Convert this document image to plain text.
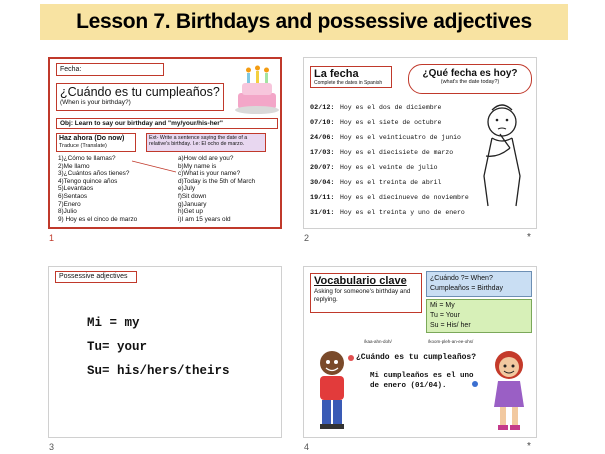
Lesson 7. Birthdays and possessive adjectives
Fecha:
¿Cuándo es tu cumpleaños?
(When is your birthday?)
Obj: Learn to say our birthday and "my/your/his-her"
Haz ahora (Do now)
Traduce (Translate)
Ext- Write a sentence saying the date of a relative's birthday. I.e: El ocho de marzo.
1)¿Cómo te llamas?
2)Me llamo
3)¿Cuántos años tienes?
4)Tengo quince años
5)Levantaos
6)Sentaos
7)Enero
8)Julio
9) Hoy es el cinco de marzo
a)How old are you?
b)My name is
c)What is your name?
d)Today is the 5th of March
e)July
f)Sit down
g)January
h)Get up
i)I am 15 years old
1
La fecha
Complete the dates in Spanish
¿Qué fecha es hoy?
(what's the date today?)
02/12: Hoy es el dos de diciembre
07/10: Hoy es el siete de octubre
24/06: Hoy es el veinticuatro de junio
17/03: Hoy es el diecisiete de marzo
20/07: Hoy es el veinte de julio
30/04: Hoy es el treinta de abril
19/11: Hoy es el diecinueve de noviembre
31/01: Hoy es el treinta y uno de enero
2	*
Possessive adjectives
Mi = my
Tu= your
Su= his/hers/theirs
3
Vocabulario clave
Asking for someone's birthday and replying.
¿Cuándo ?= When?
Cumpleaños = Birthday
Mi = My
Tu = Your
Su = His/ her
/kaa-ahn-doh/	/koom-pleh-an-ee-ohs/
¿Cuándo es tu cumpleaños?
Mi cumpleaños es el uno
de enero (01/04).
4	*
